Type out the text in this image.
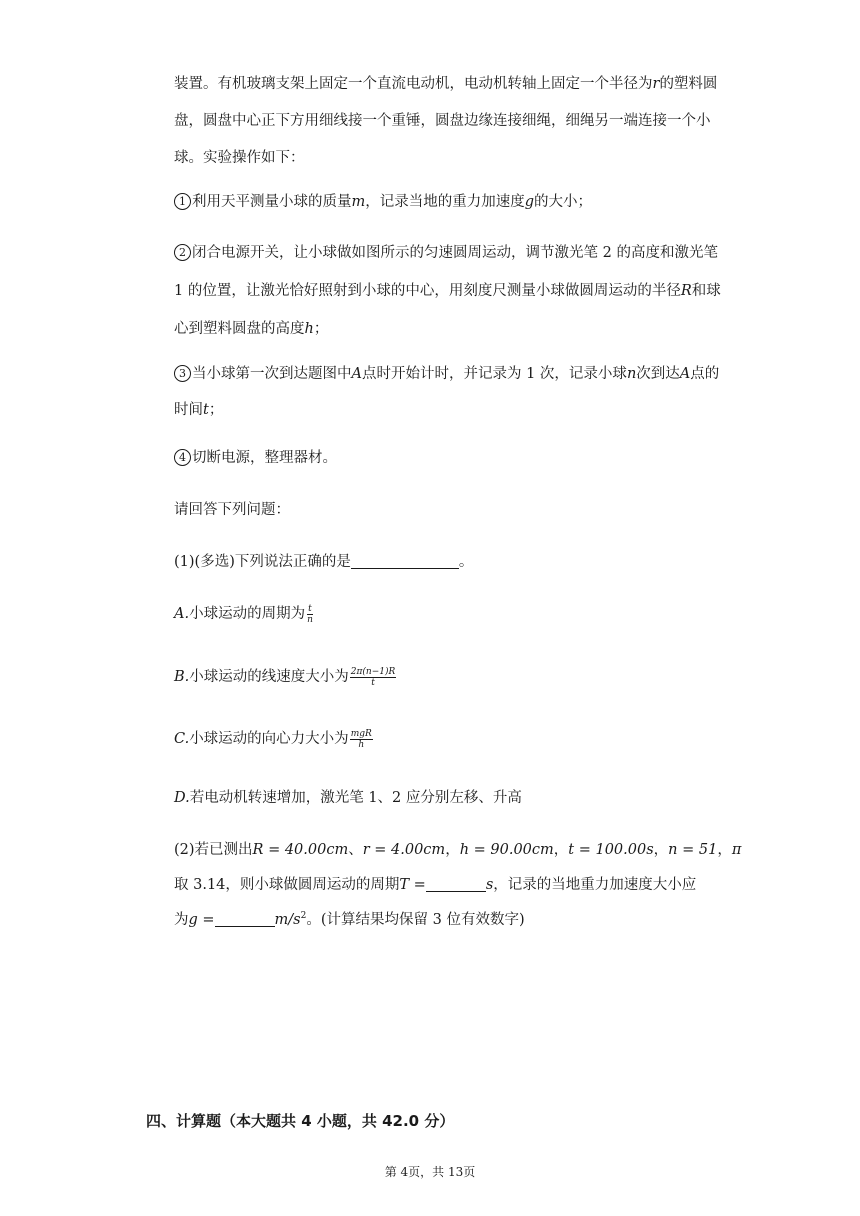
装置。有机玻璃支架上固定一个直流电动机，电动机转轴上固定一个半径为r的塑料圆盘，圆盘中心正下方用细线接一个重锤，圆盘边缘连接细绳，细绳另一端连接一个小球。实验操作如下：
1 利用天平测量小球的质量m，记录当地的重力加速度g的大小；
2 闭合电源开关，让小球做如图所示的匀速圆周运动，调节激光笔 2 的高度和激光笔 1 的位置，让激光恰好照射到小球的中心，用刻度尺测量小球做圆周运动的半径R和球心到塑料圆盘的高度h；
3 当小球第一次到达题图中A点时开始计时，并记录为 1 次，记录小球n次到达A点的时间t；
4 切断电源，整理器材。
请回答下列问题：
(1)(多选)下列说法正确的是	。
A.小球运动的周期为 $\frac{t}{n}$
B.小球运动的线速度大小为 $\frac{2\pi(n-1)R}{t}$
C.小球运动的向心力大小为 $\frac{\text{mgR}}{h}$
D.若电动机转速增加，激光笔 1、2 应分别左移、升高
(2)若已测出R = 40.00cm、r = 4.00cm，h = 90.00cm，t = 100.00s，n = 51，π
取 3.14，则小球做圆周运动的周期T =	s，记录的当地重力加速度大小应
为g =	$m/s^2$。(计算结果均保留 3 位有效数字)
四、计算题（本大题共 4 小题，共 42.0 分）
第 4页，共 13页
